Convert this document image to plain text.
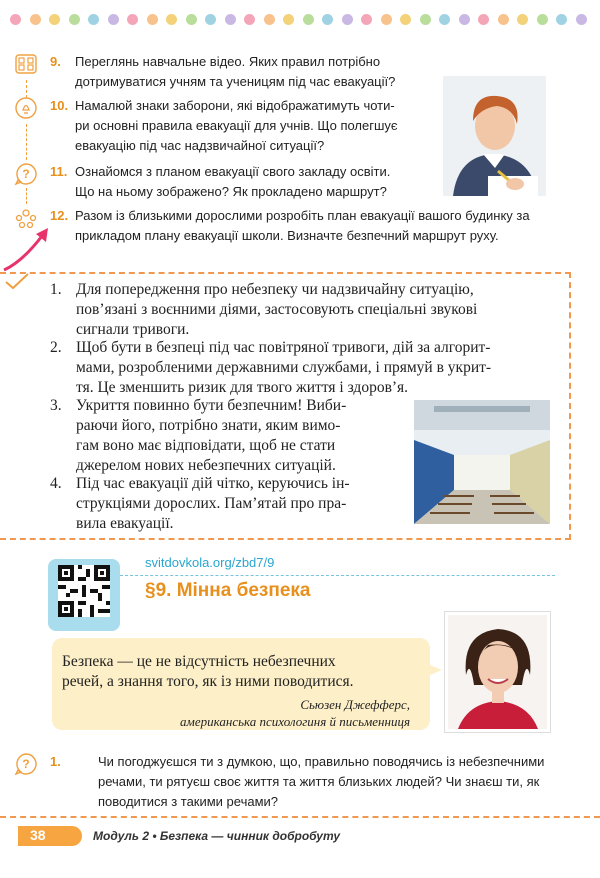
9. Переглянь навчальне відео. Яких правил потрібно
дотримуватися учням та ученицям під час евакуації?
10. Намалюй знаки заборони, які відображатимуть чоти-
ри основні правила евакуації для учнів. Що полегшує
евакуацію під час надзвичайної ситуації?
? 11. Ознайомся з планом евакуації свого закладу освіти.
Що на ньому зображено? Як прокладено маршрут?
12. Разом із близькими дорослими розробіть план евакуації вашого будинку за
прикладом плану евакуації школи. Визначте безпечний маршрут руху.
1. Для попередження про небезпеку чи надзвичайну ситуацію,
пов’язані з воєнними діями, застосовують спеціальні звукові
сигнали тривоги.
2. Щоб бути в безпеці під час повітряної тривоги, дій за алгорит-
мами, розробленими державними службами, і прямуй в укрит-
тя. Це зменшить ризик для твого життя і здоров’я.
3. Укриття повинно бути безпечним! Виби-
раючи його, потрібно знати, яким вимо-
гам воно має відповідати, щоб не стати
джерелом нових небезпечних ситуацій.
4. Під час евакуації дій чітко, керуючись ін-
струкціями дорослих. Пам’ятай про пра-
вила евакуації.
svitdovkola.org/zbd7/9
§9. Мінна безпека
Безпека — це не відсутність небезпечних
речей, а знання того, як із ними поводитися.
Сьюзен Джефферс,
американська психологиня й письменниця
? 1.	Чи погоджуєшся ти з думкою, що, правильно поводячись із небезпечними
речами, ти рятуєш своє життя та життя близьких людей? Чи знаєш ти, як
поводитися з такими речами?
38	Модуль 2 • Безпека — чинник добробуту
